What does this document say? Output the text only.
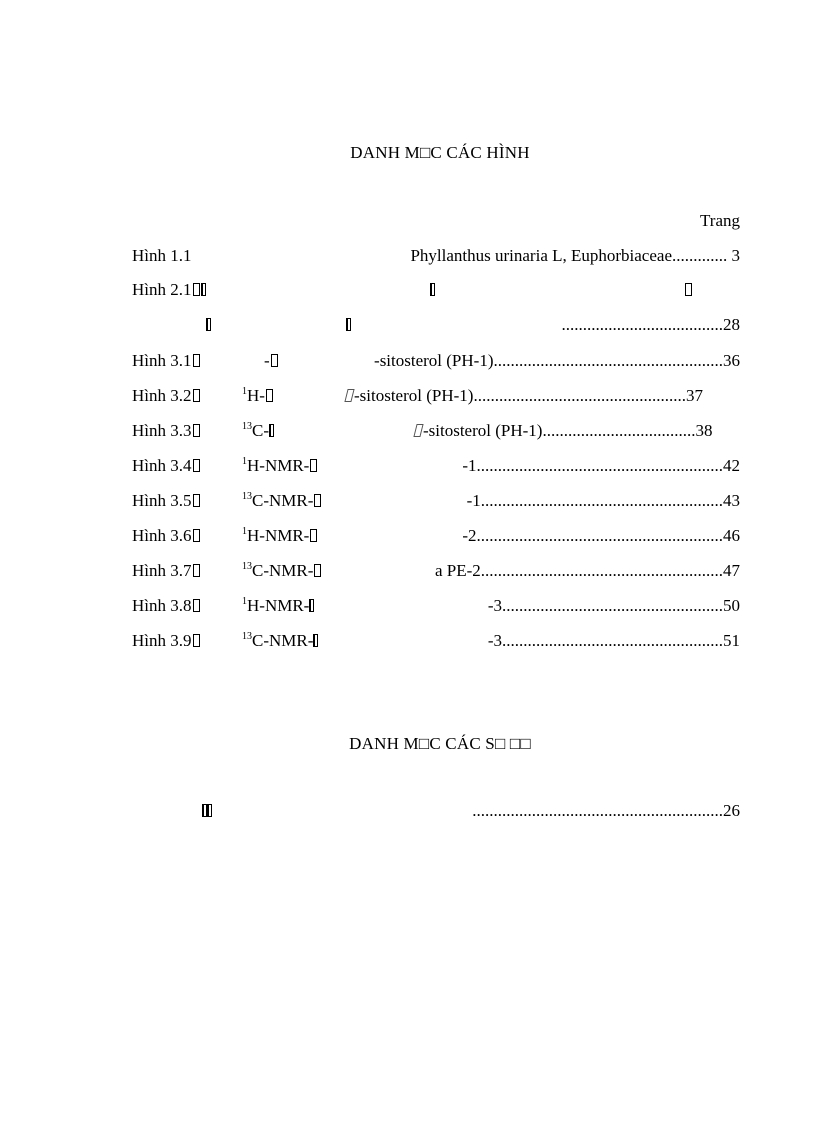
DANH M□C CÁC HÌNH
Trang
Hình 1.1	Phyllanthus urinaria L, Euphorbiaceae............. 3
Hình 2.1
......................................28
Hình 3.1	-	-sitosterol (PH-1)......................................................36
Hình 3.2	$^1$H-	-sitosterol (PH-1)..................................................37
Hình 3.3	$^{13}$C-	-sitosterol (PH-1)....................................38
Hình 3.4	$^1$H-NMR-	-1..........................................................42
Hình 3.5	$^{13}$C-NMR-	-1.........................................................43
Hình 3.6	$^1$H-NMR-	-2..........................................................46
Hình 3.7	$^{13}$C-NMR-	a PE-2.........................................................47
Hình 3.8	$^1$H-NMR-	-3....................................................50
Hình 3.9	$^{13}$C-NMR-	-3....................................................51
DANH M□C CÁC S□ □□
...........................................................26
